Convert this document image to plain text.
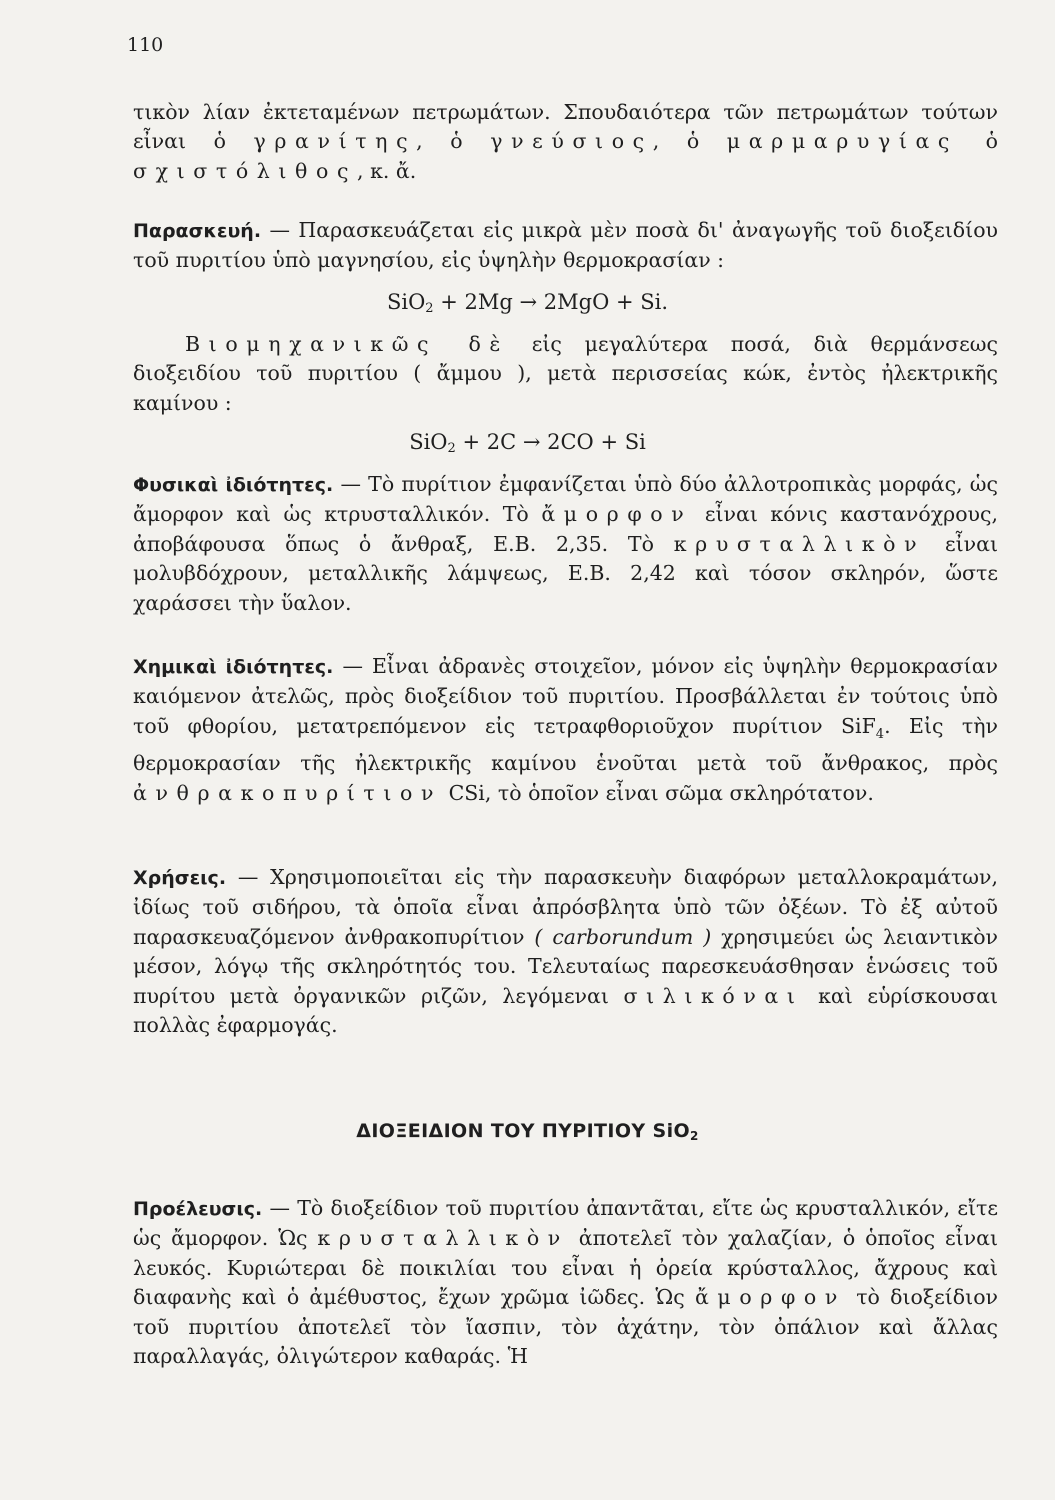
110

τικὸν λίαν ἐκτεταμένων πετρωμάτων. Σπουδαιότερα τῶν πετρωμάτων τούτων εἶναι ὁ γρανίτης, ὁ γνεύσιος, ὁ μαρμαρυγίας ὁ σχιστόλιθος, κ. ἄ.

Παρασκευή. — Παρασκευάζεται εἰς μικρὰ μὲν ποσὰ δι' ἀναγωγῆς τοῦ διοξειδίου τοῦ πυριτίου ὑπὸ μαγνησίου, εἰς ὑψηλὴν θερμοκρασίαν :

SiO$_2$ + 2Mg → 2MgO + Si.

Βιομηχανικῶς δὲ εἰς μεγαλύτερα ποσά, διὰ θερμάνσεως διοξειδίου τοῦ πυριτίου ( ἄμμου ), μετὰ περισσείας κώκ, ἐντὸς ἠλεκτρικῆς καμίνου :

SiO$_2$ + 2C → 2CO + Si

Φυσικαὶ ἰδιότητες. — Τὸ πυρίτιον ἐμφανίζεται ὑπὸ δύο ἀλλοτροπικὰς μορφάς, ὡς ἄμορφον καὶ ὡς κτρυσταλλικόν. Τὸ ἄμορφον εἶναι κόνις καστανόχρους, ἀποβάφουσα ὅπως ὁ ἄνθραξ, Ε.Β. 2,35. Τὸ κρυσταλλικὸν εἶναι μολυβδόχρουν, μεταλλικῆς λάμψεως, Ε.Β. 2,42 καὶ τόσον σκληρόν, ὥστε χαράσσει τὴν ὕαλον.

Χημικαὶ ἰδιότητες. — Εἶναι ἀδρανὲς στοιχεῖον, μόνον εἰς ὑψηλὴν θερμοκρασίαν καιόμενον ἀτελῶς, πρὸς διοξείδιον τοῦ πυριτίου. Προσβάλλεται ἐν τούτοις ὑπὸ τοῦ φθορίου, μετατρεπόμενον εἰς τετραφθοριοῦχον πυρίτιον SiF$_4$. Εἰς τὴν θερμοκρασίαν τῆς ἠλεκτρικῆς καμίνου ἑνοῦται μετὰ τοῦ ἄνθρακος, πρὸς ἀνθρακοπυρίτιον CSi, τὸ ὁποῖον εἶναι σῶμα σκληρότατον.

Χρήσεις. — Χρησιμοποιεῖται εἰς τὴν παρασκευὴν διαφόρων μεταλλοκραμάτων, ἰδίως τοῦ σιδήρου, τὰ ὁποῖα εἶναι ἀπρόσβλητα ὑπὸ τῶν ὀξέων. Τὸ ἐξ αὐτοῦ παρασκευαζόμενον ἀνθρακοπυρίτιον ( carborundum ) χρησιμεύει ὡς λειαντικὸν μέσον, λόγῳ τῆς σκληρότητός του. Τελευταίως παρεσκευάσθησαν ἑνώσεις τοῦ πυρίτου μετὰ ὀργανικῶν ριζῶν, λεγόμεναι σιλικόναι καὶ εὑρίσκουσαι πολλὰς ἐφαρμογάς.

ΔΙΟΞΕΙΔΙΟΝ ΤΟΥ ΠΥΡΙΤΙΟΥ SiO$_2$

Προέλευσις. — Τὸ διοξείδιον τοῦ πυριτίου ἀπαντᾶται, εἴτε ὡς κρυσταλλικόν, εἴτε ὡς ἄμορφον. Ὡς κρυσταλλικὸν ἀποτελεῖ τὸν χαλαζίαν, ὁ ὁποῖος εἶναι λευκός. Κυριώτεραι δὲ ποικιλίαι του εἶναι ἡ ὀρεία κρύσταλλος, ἄχρους καὶ διαφανὴς καὶ ὁ ἀμέθυστος, ἔχων χρῶμα ἰῶδες. Ὡς ἄμορφον τὸ διοξείδιον τοῦ πυριτίου ἀποτελεῖ τὸν ἴασπιν, τὸν ἀχάτην, τὸν ὀπάλιον καὶ ἄλλας παραλλαγάς, ὀλιγώτερον καθαράς. Ἡ
